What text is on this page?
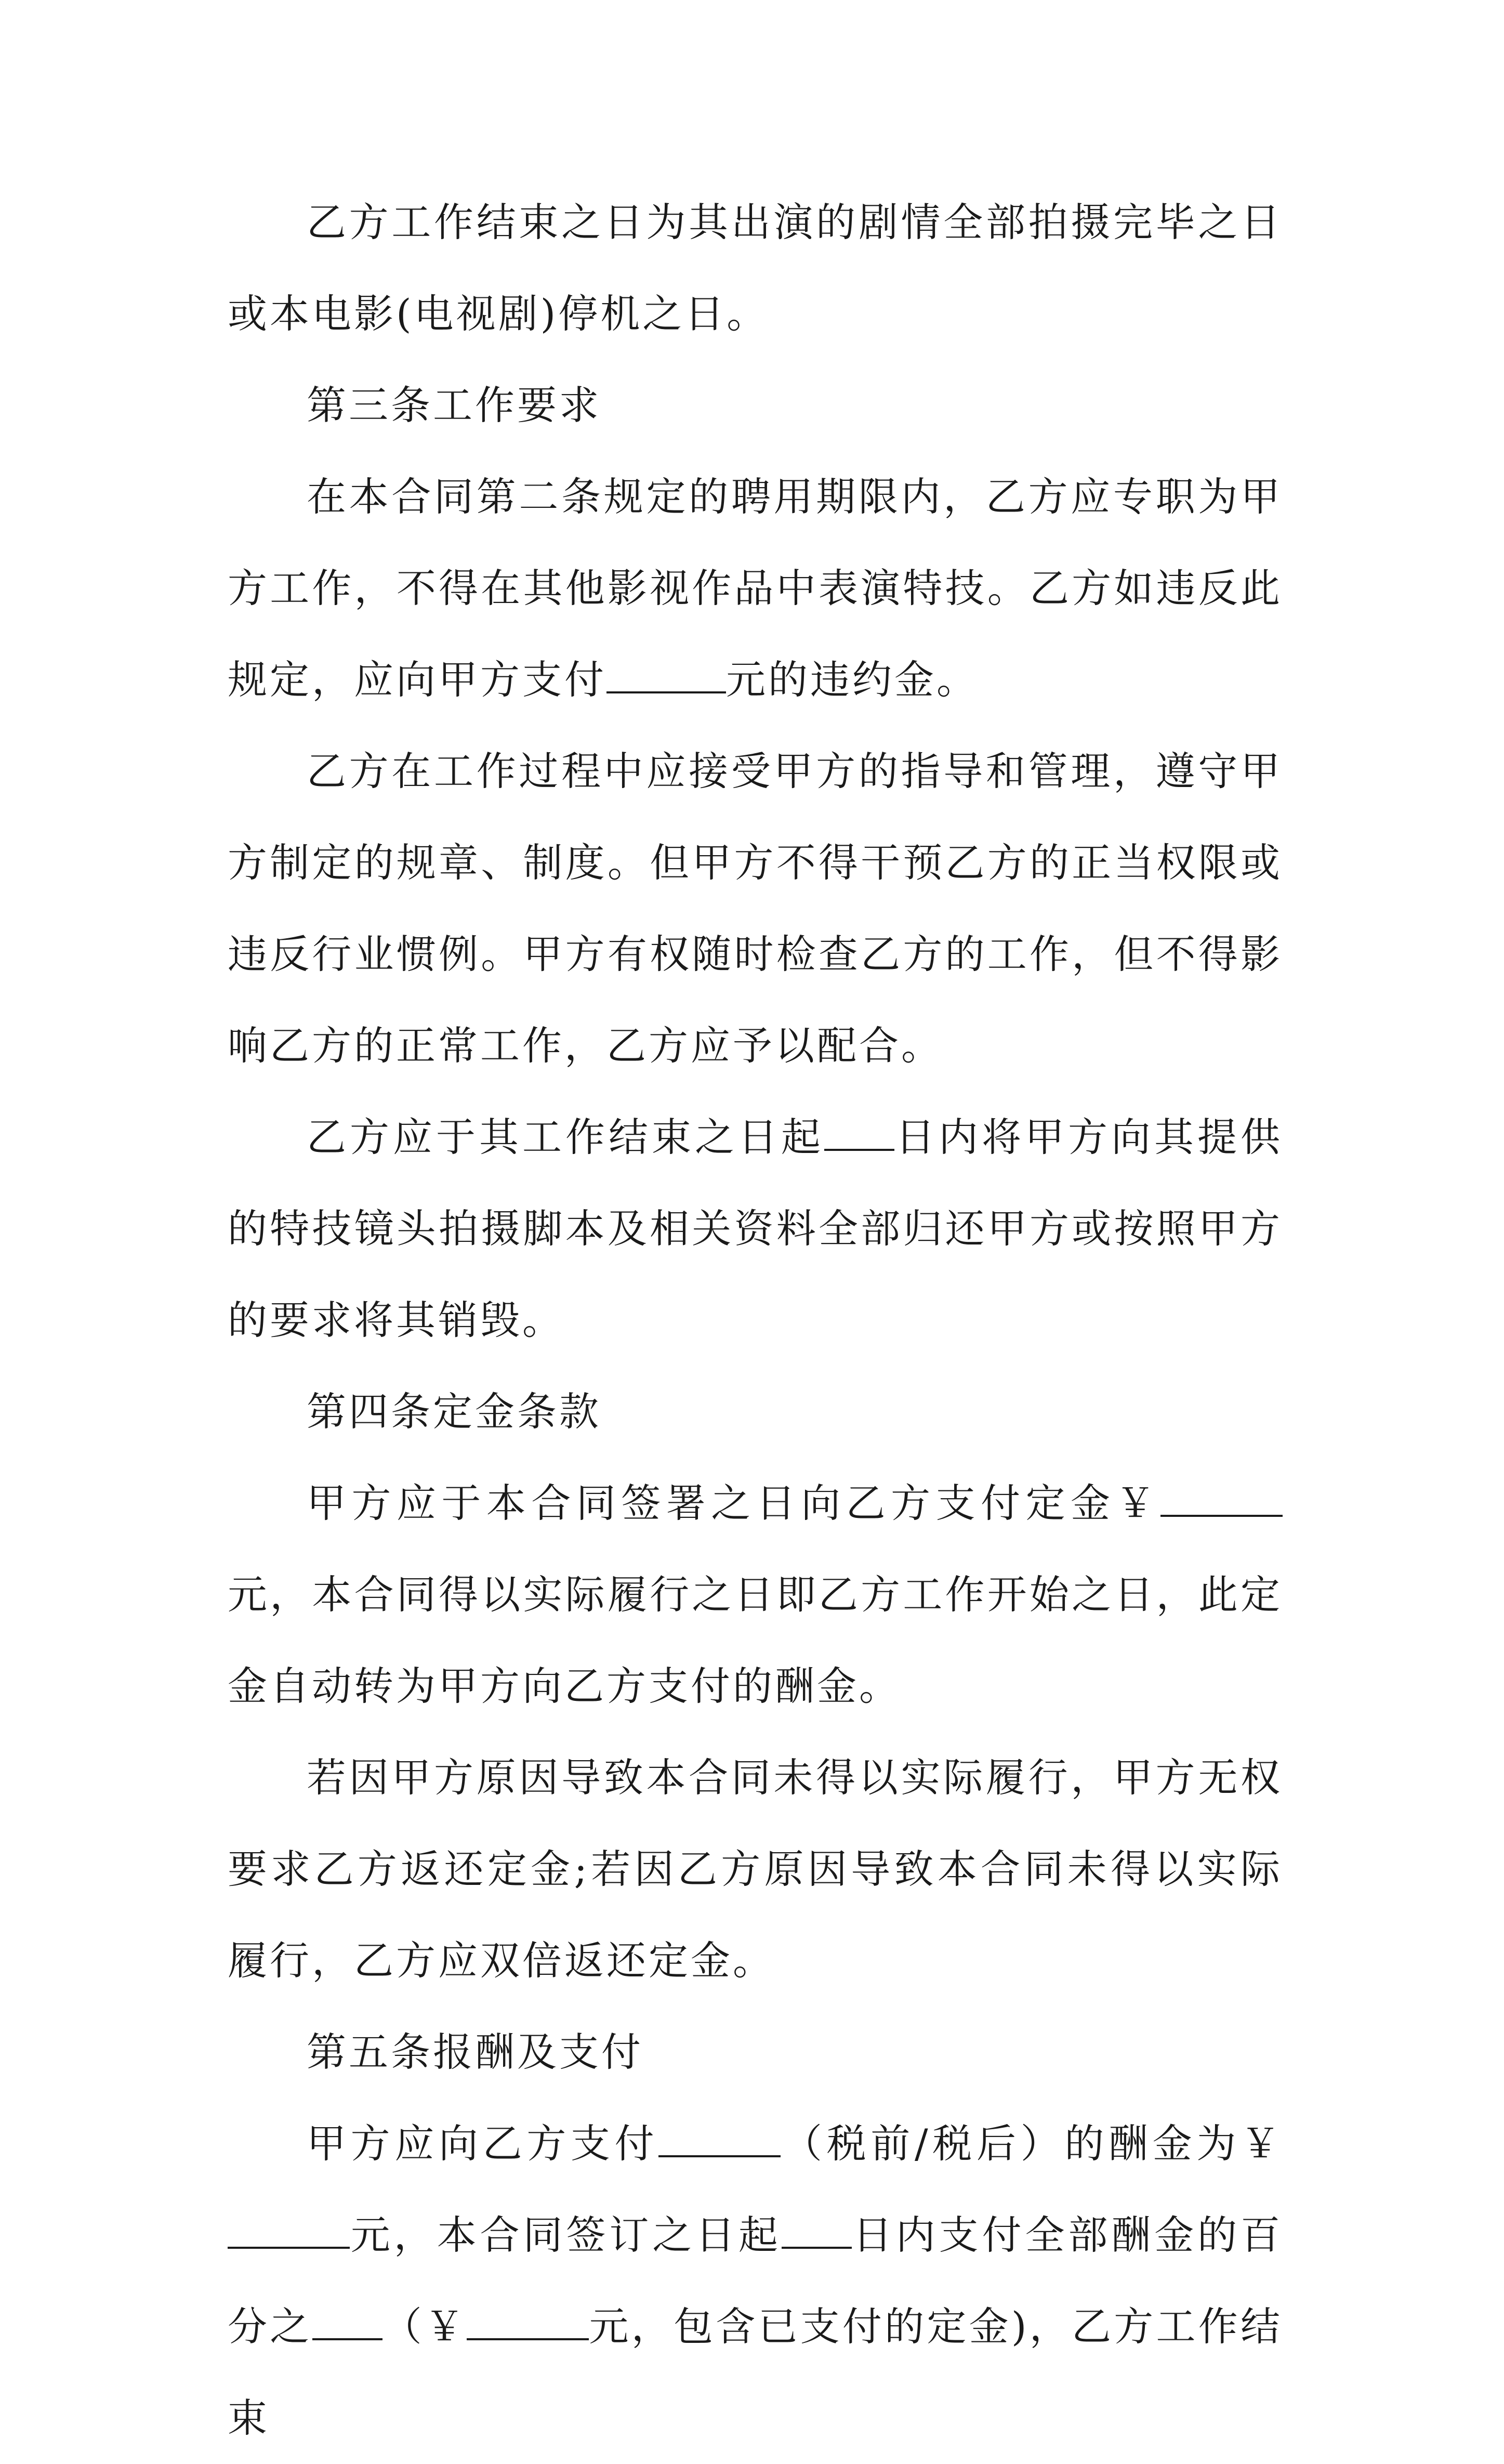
乙方工作结束之日为其出演的剧情全部拍摄完毕之日或本电影(电视剧)停机之日。

第三条工作要求

在本合同第二条规定的聘用期限内，乙方应专职为甲方工作，不得在其他影视作品中表演特技。乙方如违反此规定，应向甲方支付	元的违约金。

乙方在工作过程中应接受甲方的指导和管理，遵守甲方制定的规章、制度。但甲方不得干预乙方的正当权限或违反行业惯例。甲方有权随时检查乙方的工作，但不得影响乙方的正常工作，乙方应予以配合。

乙方应于其工作结束之日起 日内将甲方向其提供的特技镜头拍摄脚本及相关资料全部归还甲方或按照甲方的要求将其销毁。

第四条定金条款

甲方应于本合同签署之日向乙方支付定金￥元，本合同得以实际履行之日即乙方工作开始之日，此定金自动转为甲方向乙方支付的酬金。

若因甲方原因导致本合同未得以实际履行，甲方无权要求乙方返还定金;若因乙方原因导致本合同未得以实际履行，乙方应双倍返还定金。

第五条报酬及支付

甲方应向乙方支付	（税前/税后）的酬金为￥元，本合同签订之日起 日内支付全部酬金的百分之 （￥	元，包含已支付的定金)，乙方工作结束
